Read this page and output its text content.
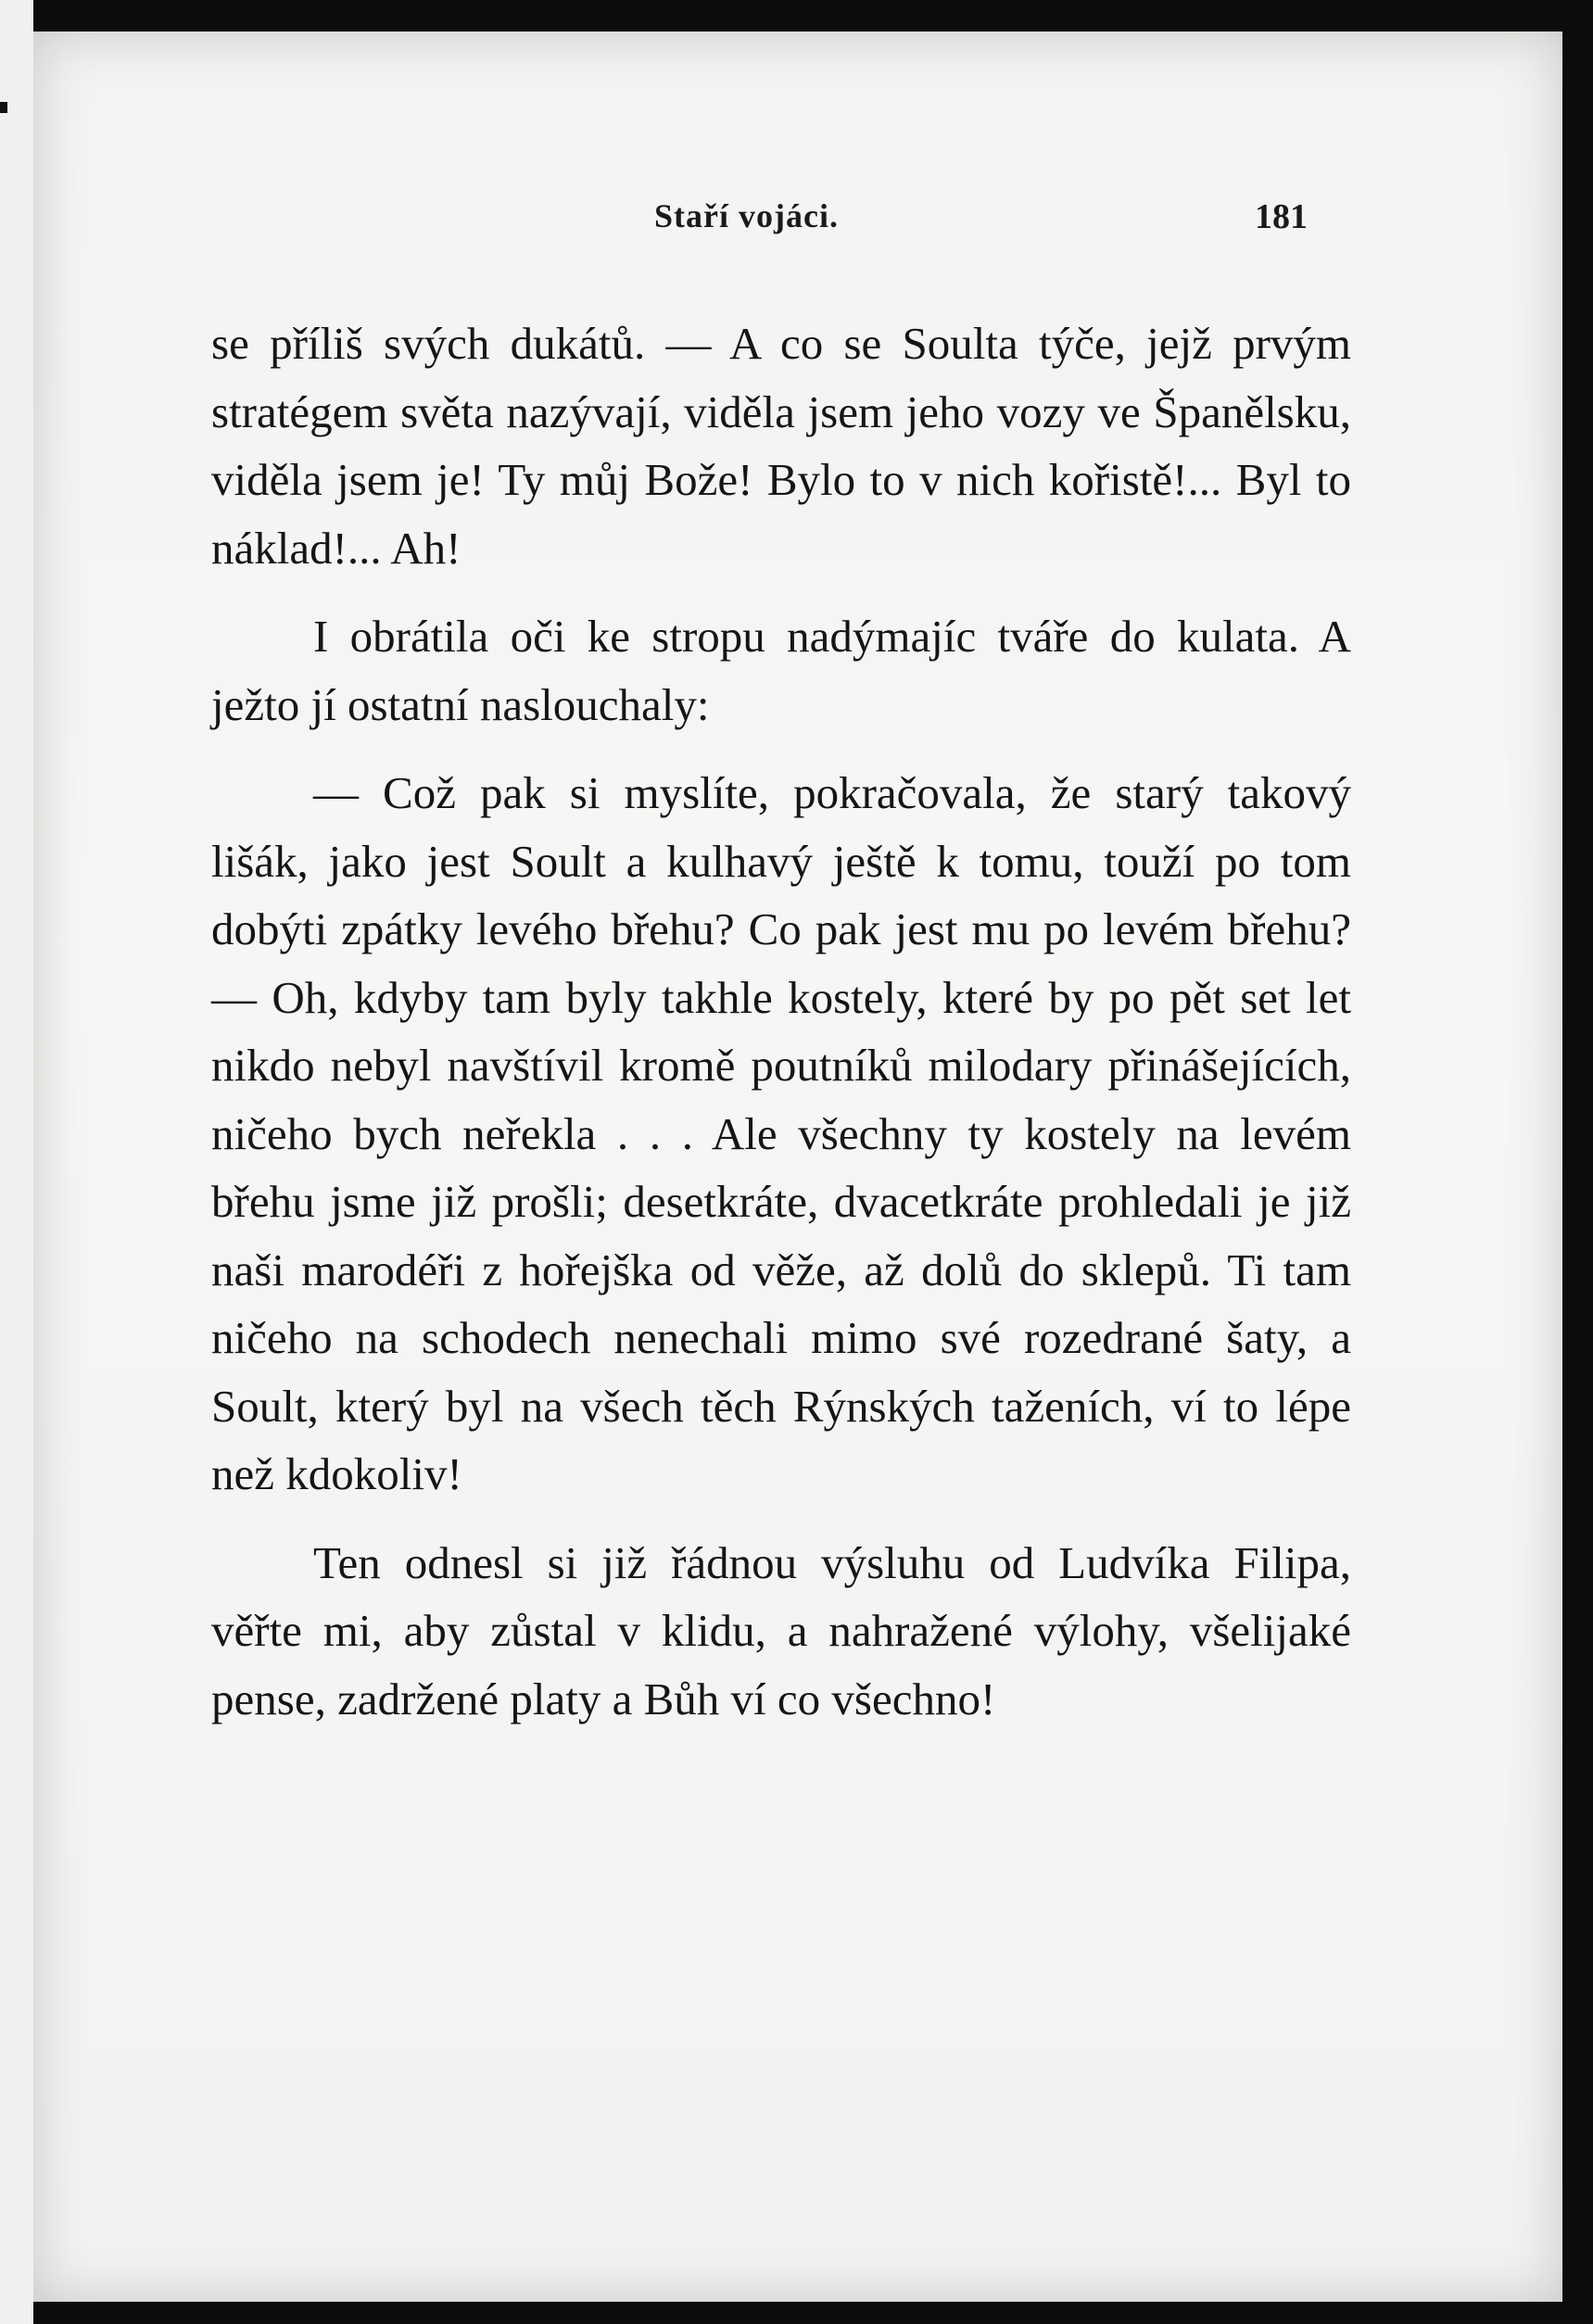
Staří vojáci.	181

se příliš svých dukátů. — A co se Soulta týče, jejž prvým stratégem světa nazývají, viděla jsem jeho vozy ve Španělsku, viděla jsem je! Ty můj Bože! Bylo to v nich kořistě!... Byl to náklad!... Ah!

I obrátila oči ke stropu nadýmajíc tváře do kulata. A ježto jí ostatní naslouchaly:

— Což pak si myslíte, pokračovala, že starý takový lišák, jako jest Soult a kulhavý ještě k tomu, touží po tom dobýti zpátky levého břehu? Co pak jest mu po levém břehu? — Oh, kdyby tam byly takhle kostely, které by po pět set let nikdo nebyl navštívil kromě poutníků milodary přinášejících, ničeho bych neřekla . . . Ale všechny ty kostely na levém břehu jsme již prošli; desetkráte, dvacetkráte prohledali je již naši marodéři z hořejška od věže, až dolů do sklepů. Ti tam ničeho na schodech nenechali mimo své rozedrané šaty, a Soult, který byl na všech těch Rýnských taženích, ví to lépe než kdokoliv!

Ten odnesl si již řádnou výsluhu od Ludvíka Filipa, věřte mi, aby zůstal v klidu, a nahražené výlohy, všelijaké pense, zadržené platy a Bůh ví co všechno!
